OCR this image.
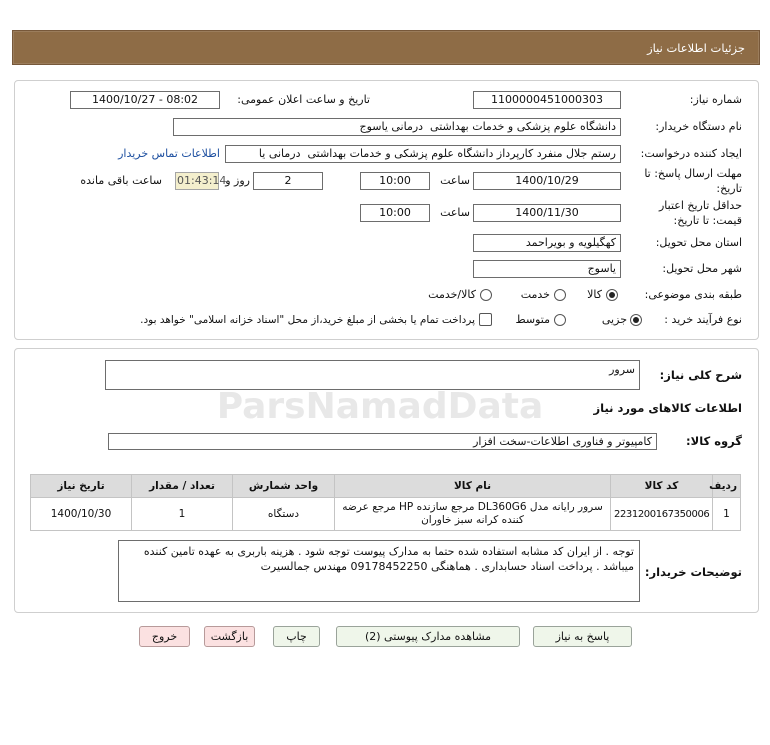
جزئیات اطلاعات نیاز
شماره نیاز:
1100000451000303
تاریخ و ساعت اعلان عمومی:
1400/10/27 - 08:02
نام دستگاه خریدار:
دانشگاه علوم پزشکی و خدمات بهداشتی  درمانی یاسوج
ایجاد کننده درخواست:
رستم جلال منفرد کارپرداز دانشگاه علوم پزشکی و خدمات بهداشتی  درمانی یا
اطلاعات تماس خریدار
مهلت ارسال پاسخ: تا
تاریخ:
1400/10/29
ساعت
10:00
2
روز و
01:43:14
ساعت باقی مانده
حداقل تاریخ اعتبار
قیمت: تا تاریخ:
1400/11/30
ساعت
10:00
استان محل تحویل:
کهگیلویه و بویراحمد
شهر محل تحویل:
یاسوج
طبقه بندی موضوعی:
کالا
خدمت
کالا/خدمت
نوع فرآیند خرید :
جزیی
متوسط
پرداخت تمام یا بخشی از مبلغ خرید،از محل "اسناد خزانه اسلامی" خواهد بود.
شرح کلی نیاز:
سرور
اطلاعات کالاهای مورد نیاز
گروه کالا:
کامپیوتر و فناوری اطلاعات-سخت افزار
ردیف	کد کالا	نام کالا	واحد شمارش	تعداد / مقدار	تاریخ نیاز
1	2231200167350006	سرور رایانه مدل DL360G6 مرجع سازنده HP مرجع عرضه کننده کرانه سبز خاوران	دستگاه	1	1400/10/30
توضیحات خریدار:
توجه . از ایران کد مشابه استفاده شده حتما به مدارک پیوست توجه شود . هزینه باربری به عهده تامین کننده میباشد . پرداخت اسناد حسابداری . هماهنگی 09178452250 مهندس جمالسیرت
پاسخ به نیاز
مشاهده مدارک پیوستی (2)
چاپ
بازگشت
خروج
